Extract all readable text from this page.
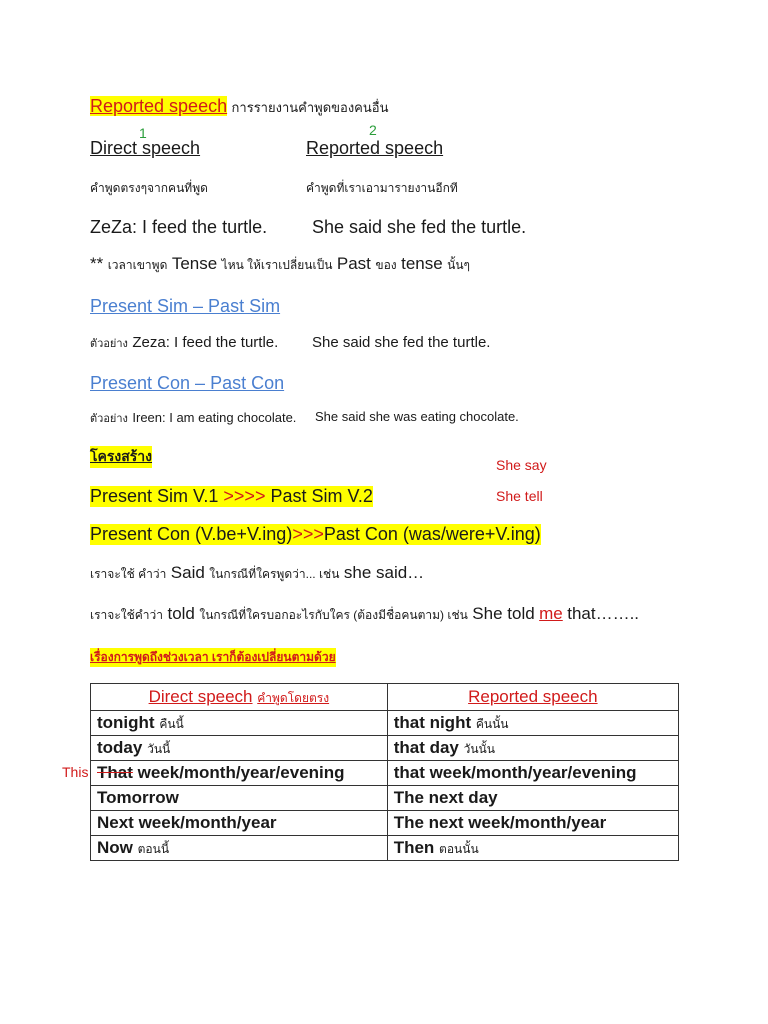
Reported speech การรายงานคำพูดของคนอื่น
1	2
Direct speech	Reported speech
คำพูดตรงๆจากคนที่พูด	คำพูดที่เราเอามารายงานอีกที
ZeZa: I feed the turtle. She said she fed the turtle.
** เวลาเขาพูด Tense ไหน ให้เราเปลี่ยนเป็น Past ของ tense นั้นๆ
Present Sim – Past Sim
ตัวอย่าง Zeza: I feed the turtle. She said she fed the turtle.
Present Con – Past Con
ตัวอย่าง Ireen: I am eating chocolate. She said she was eating chocolate.
โครงสร้าง
She say
She tell
Present Sim V.1 >>>> Past Sim V.2
Present Con (V.be+V.ing)>>>Past Con (was/were+V.ing)
เราจะใช้ คำว่า Said ในกรณีที่ใครพูดว่า... เช่น she said…
เราจะใช้คำว่า told ในกรณีที่ใครบอกอะไรกับใคร (ต้องมีชื่อคนตาม) เช่น She told me that……..
เรื่องการพูดถึงช่วงเวลา เราก็ต้องเปลี่ยนตามด้วย
This
Direct speech คำพูดโดยตรง	Reported speech
tonight คืนนี้	that night คืนนั้น
today วันนี้	that day วันนั้น
That week/month/year/evening	that week/month/year/evening
Tomorrow	The next day
Next week/month/year	The next week/month/year
Now ตอนนี้	Then ตอนนั้น
